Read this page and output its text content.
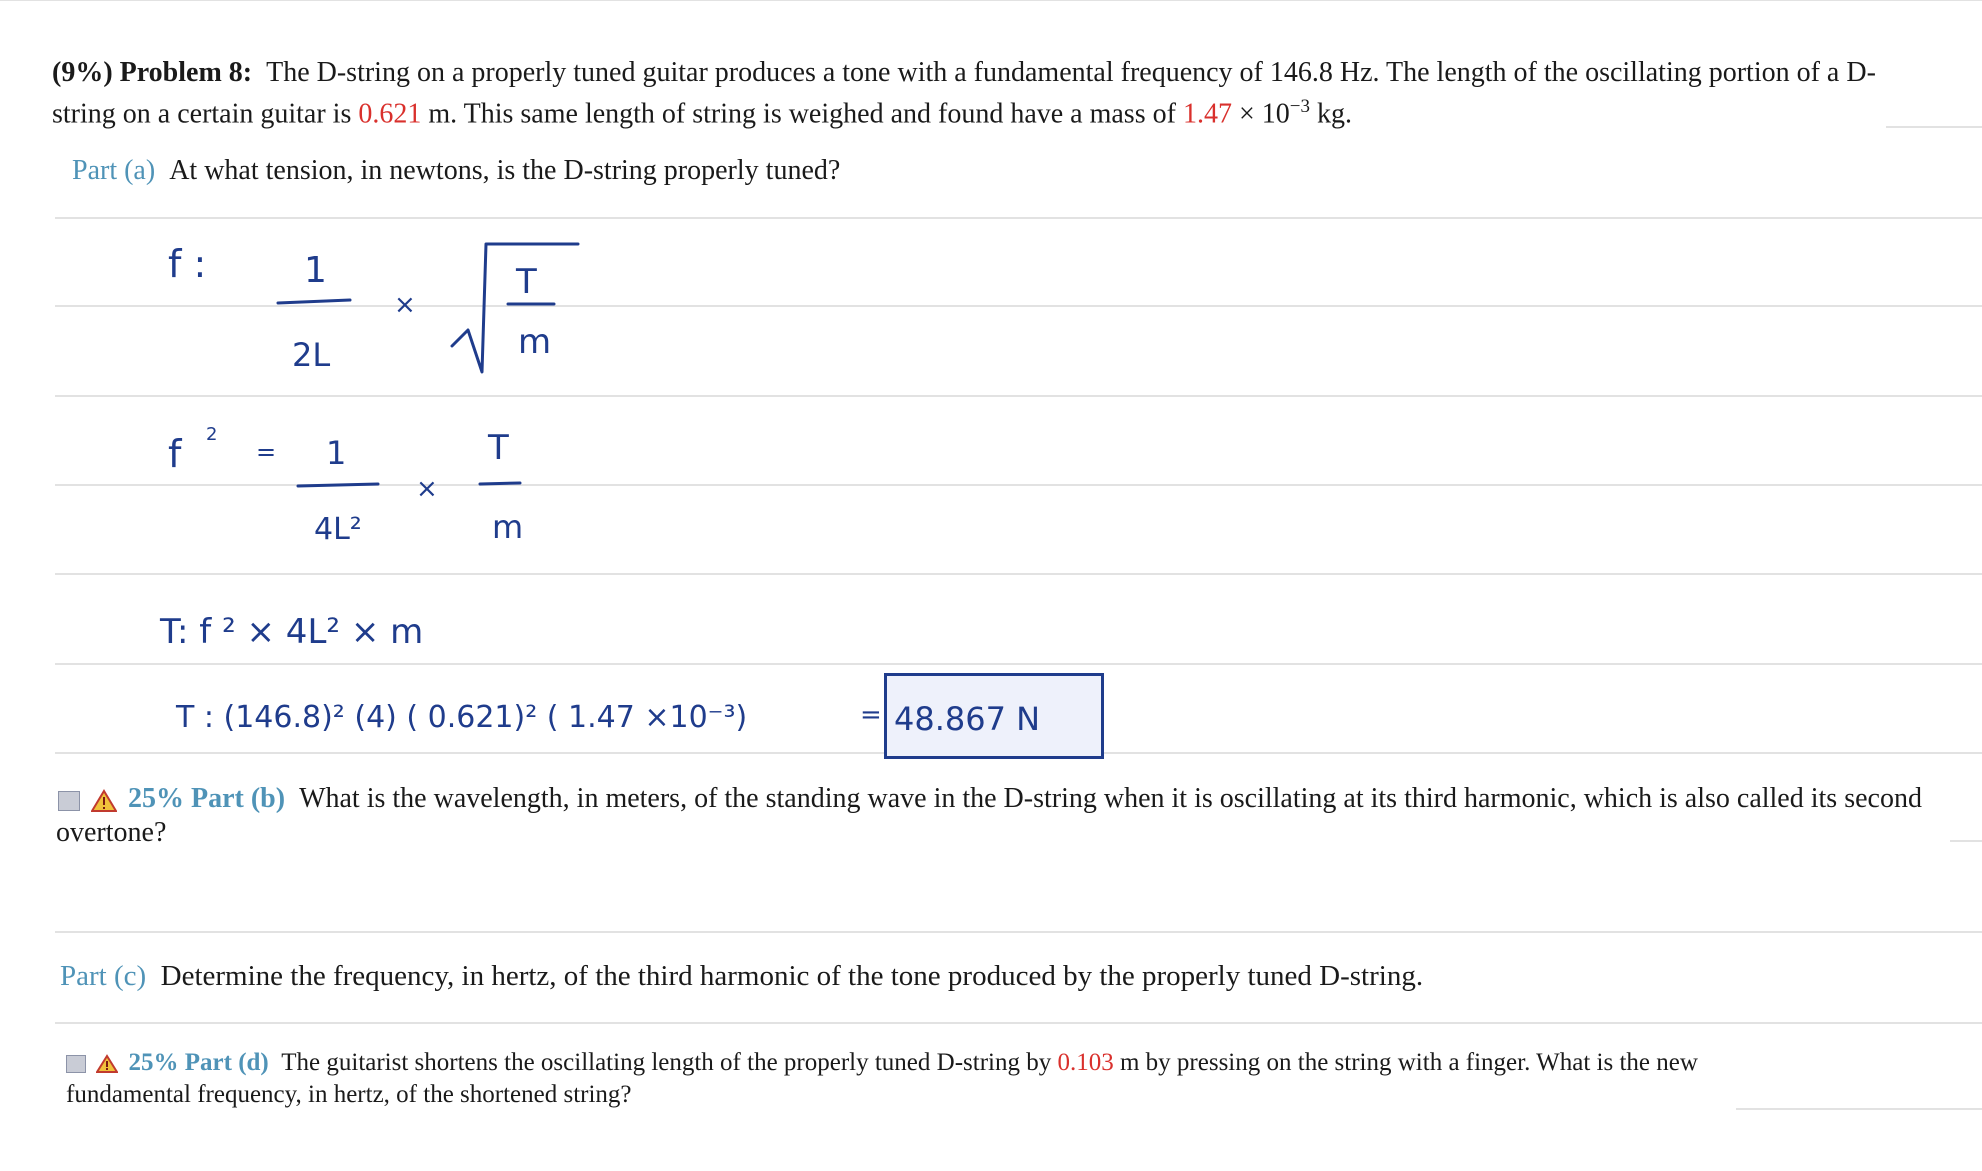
(9%) Problem 8: The D-string on a properly tuned guitar produces a tone with a fundamental frequency of 146.8 Hz. The length of the oscillating portion of a D-
string on a certain guitar is 0.621 m. This same length of string is weighed and found have a mass of $1.47 \times 10^{-3}$ kg.
Part (a) At what tension, in newtons, is the D-string properly tuned?
f :	1
2L
×
T
m
f 2
= 1
4L²
×
T
m
T: f ² × 4L² × m
T : (146.8)² (4) ( 0.621)² ( 1.47 ×10⁻³)	= 48.867 N
25% Part (b) What is the wavelength, in meters, of the standing wave in the D-string when it is oscillating at its third harmonic, which is also called its second
overtone?
Part (c) Determine the frequency, in hertz, of the third harmonic of the tone produced by the properly tuned D-string.
25% Part (d) The guitarist shortens the oscillating length of the properly tuned D-string by 0.103 m by pressing on the string with a finger. What is the new
fundamental frequency, in hertz, of the shortened string?
